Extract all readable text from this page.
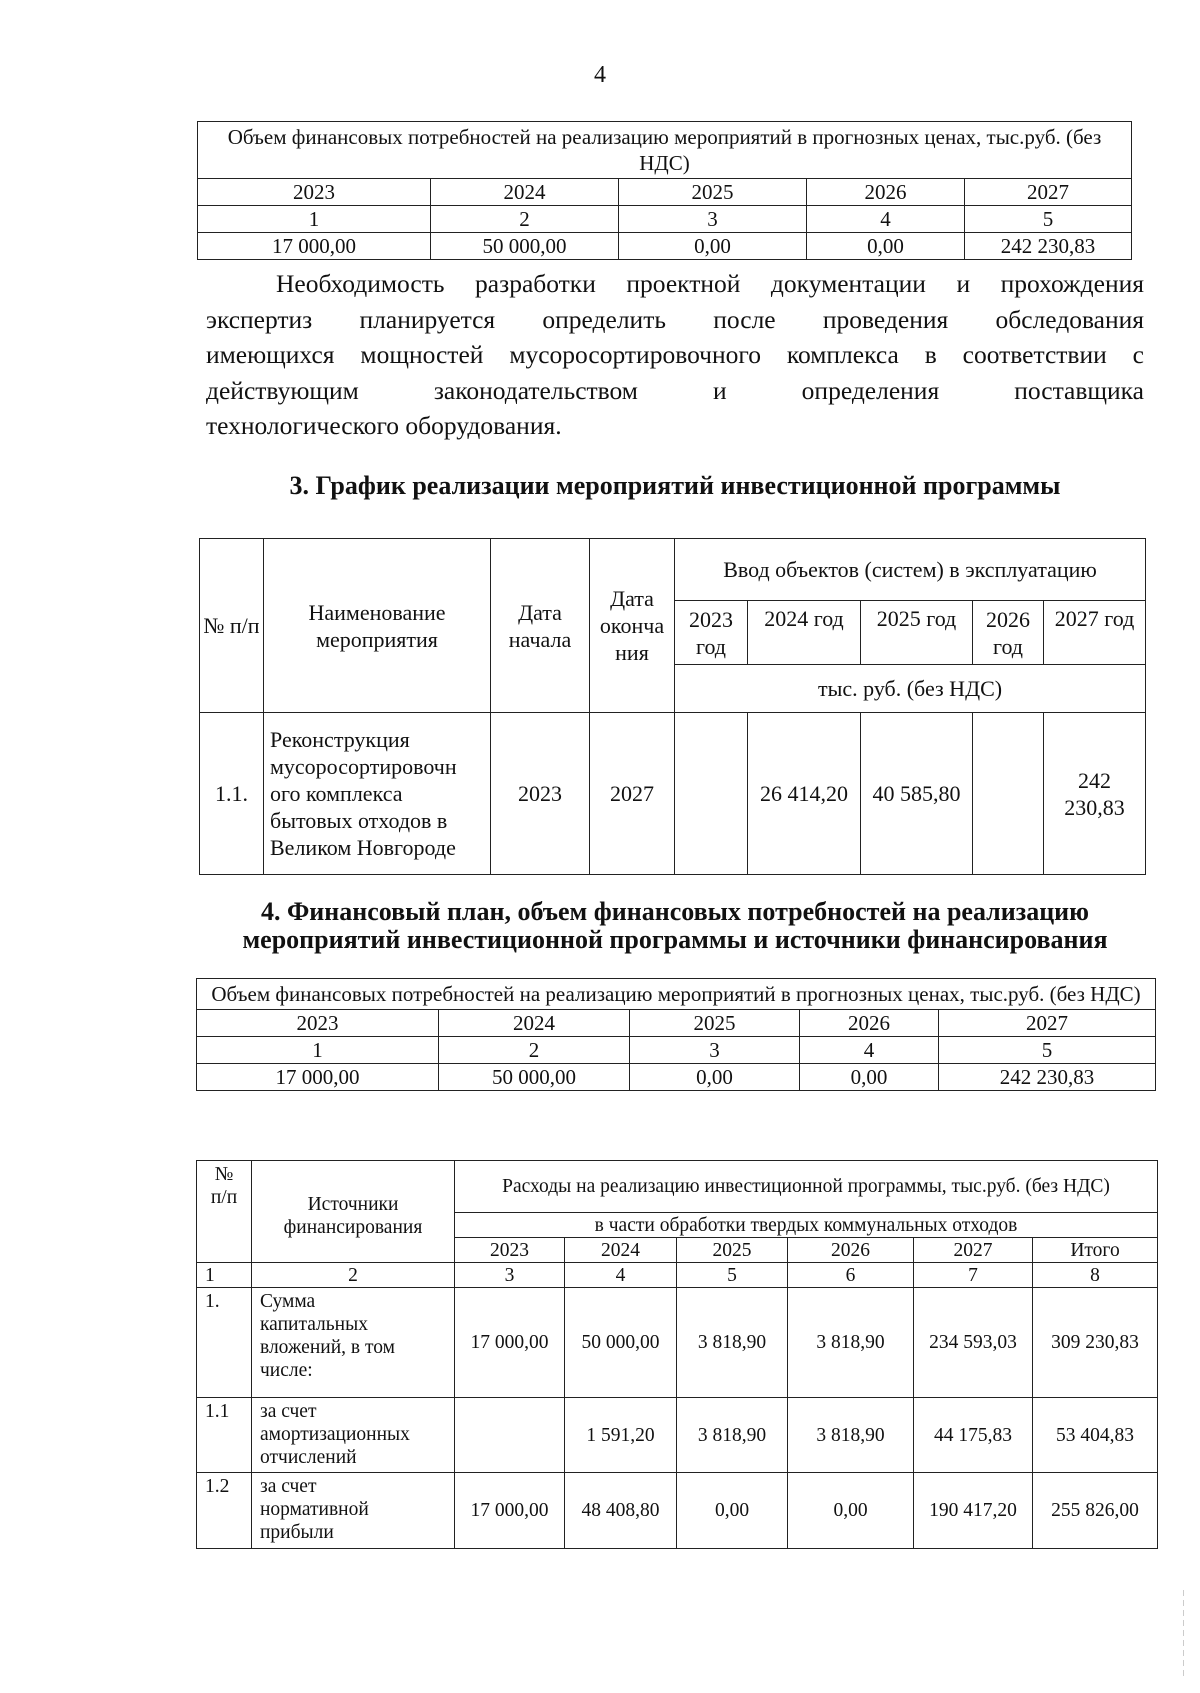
4
Объем финансовых потребностей на реализацию мероприятий в прогнозных ценах, тыс.руб. (без НДС)				
2023	2024	2025	2026	2027
1	2	3	4	5
17 000,00	50 000,00	0,00	0,00	242 230,83
Необходимость разработки проектной документации и прохождения
экспертиз планируется определить после проведения обследования
имеющихся мощностей мусоросортировочного комплекса в соответствии с
действующим законодательством и определения поставщика
технологического оборудования.
3. График реализации мероприятий инвестиционной программы
№ п/п	Наименование мероприятия	Дата начала	Дата оконча ния	Ввод объектов (систем) в эксплуатацию				
				2023 год	2024 год	2025 год	2026 год	2027 год
				тыс. руб. (без НДС)				
1.1.	Реконструкция мусоросортировочн ого комплекса бытовых отходов в Великом Новгороде	2023	2027		26 414,20	40 585,80		242 230,83
4. Финансовый план, объем финансовых потребностей на реализацию
мероприятий инвестиционной программы и источники финансирования
Объем финансовых потребностей на реализацию мероприятий в прогнозных ценах, тыс.руб. (без НДС)				
2023	2024	2025	2026	2027
1	2	3	4	5
17 000,00	50 000,00	0,00	0,00	242 230,83
№ п/п	Источники финансирования	Расходы на реализацию инвестиционной программы, тыс.руб. (без НДС)					
		в части обработки твердых коммунальных отходов					
		2023	2024	2025	2026	2027	Итого
1	2	3	4	5	6	7	8
1.	Сумма капитальных вложений, в том числе:	17 000,00	50 000,00	3 818,90	3 818,90	234 593,03	309 230,83
1.1	за счет амортизационных отчислений		1 591,20	3 818,90	3 818,90	44 175,83	53 404,83
1.2	за счет нормативной прибыли	17 000,00	48 408,80	0,00	0,00	190 417,20	255 826,00
